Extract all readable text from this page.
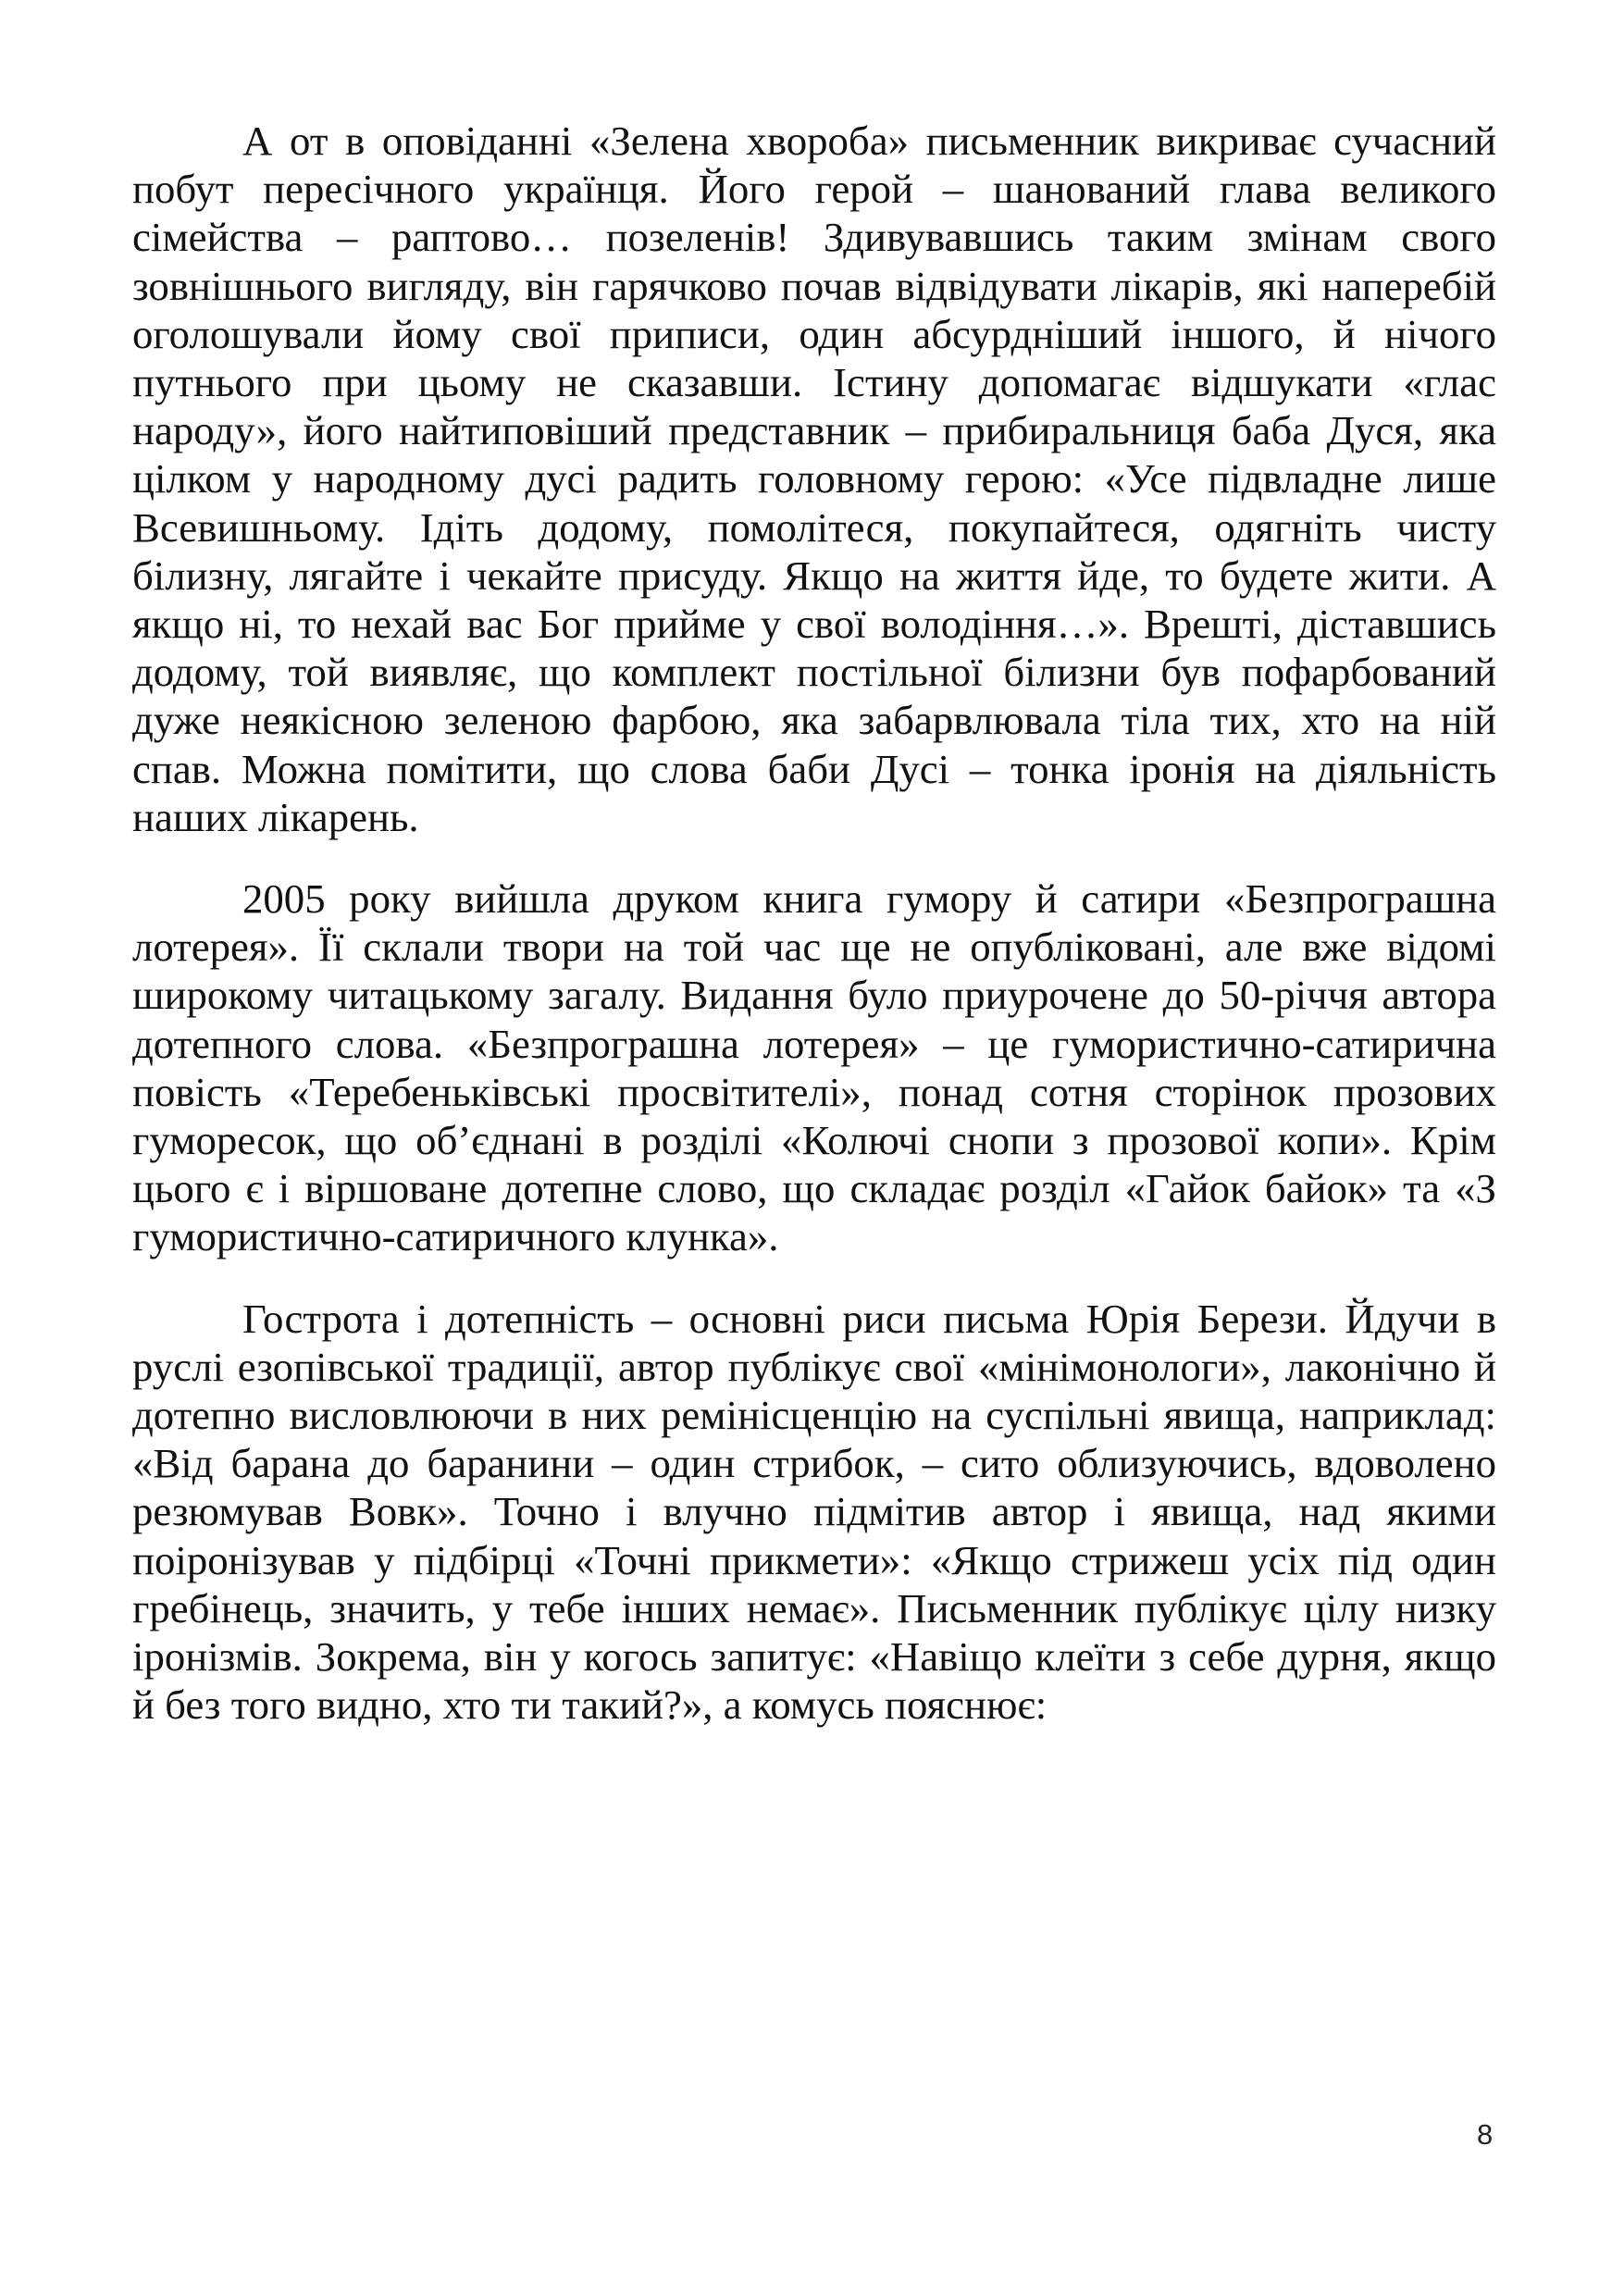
А от в оповіданні «Зелена хвороба» письменник викриває сучасний побут пересічного українця. Його герой – шанований глава великого сімейства – раптово… позеленів! Здивувавшись таким змінам свого зовнішнього вигляду, він гарячково почав відвідувати лікарів, які наперебій оголошували йому свої приписи, один абсурдніший іншого, й нічого путнього при цьому не сказавши. Істину допомагає відшукати «глас народу», його найтиповіший представник – прибиральниця баба Дуся, яка цілком у народному дусі радить головному герою: «Усе підвладне лише Всевишньому. Ідіть додому, помолітеся, покупайтеся, одягніть чисту білизну, лягайте і чекайте присуду. Якщо на життя йде, то будете жити. А якщо ні, то нехай вас Бог прийме у свої володіння…». Врешті, діставшись додому, той виявляє, що комплект постільної білизни був пофарбований дуже неякісною зеленою фарбою, яка забарвлювала тіла тих, хто на ній спав. Можна помітити, що слова баби Дусі – тонка іронія на діяльність наших лікарень.

2005 року вийшла друком книга гумору й сатири «Безпрограшна лотерея». Її склали твори на той час ще не опубліковані, але вже відомі широкому читацькому загалу. Видання було приурочене до 50-річчя автора дотепного слова. «Безпрограшна лотерея» – це гумористично-сатирична повість «Теребеньківські просвітителі», понад сотня сторінок прозових гуморесок, що об’єднані в розділі «Колючі снопи з прозової копи». Крім цього є і віршоване дотепне слово, що складає розділ «Гайок байок» та «З гумористично-сатиричного клунка».

Гострота і дотепність – основні риси письма Юрія Берези. Йдучи в руслі езопівської традиції, автор публікує свої «мінімонологи», лаконічно й дотепно висловлюючи в них ремінісценцію на суспільні явища, наприклад: «Від барана до баранини – один стрибок, – сито облизуючись, вдоволено резюмував Вовк». Точно і влучно підмітив автор і явища, над якими поіронізував у підбірці «Точні прикмети»: «Якщо стрижеш усіх під один гребінець, значить, у тебе інших немає». Письменник публікує цілу низку іронізмів. Зокрема, він у когось запитує: «Навіщо клеїти з себе дурня, якщо й без того видно, хто ти такий?», а комусь пояснює:

8
